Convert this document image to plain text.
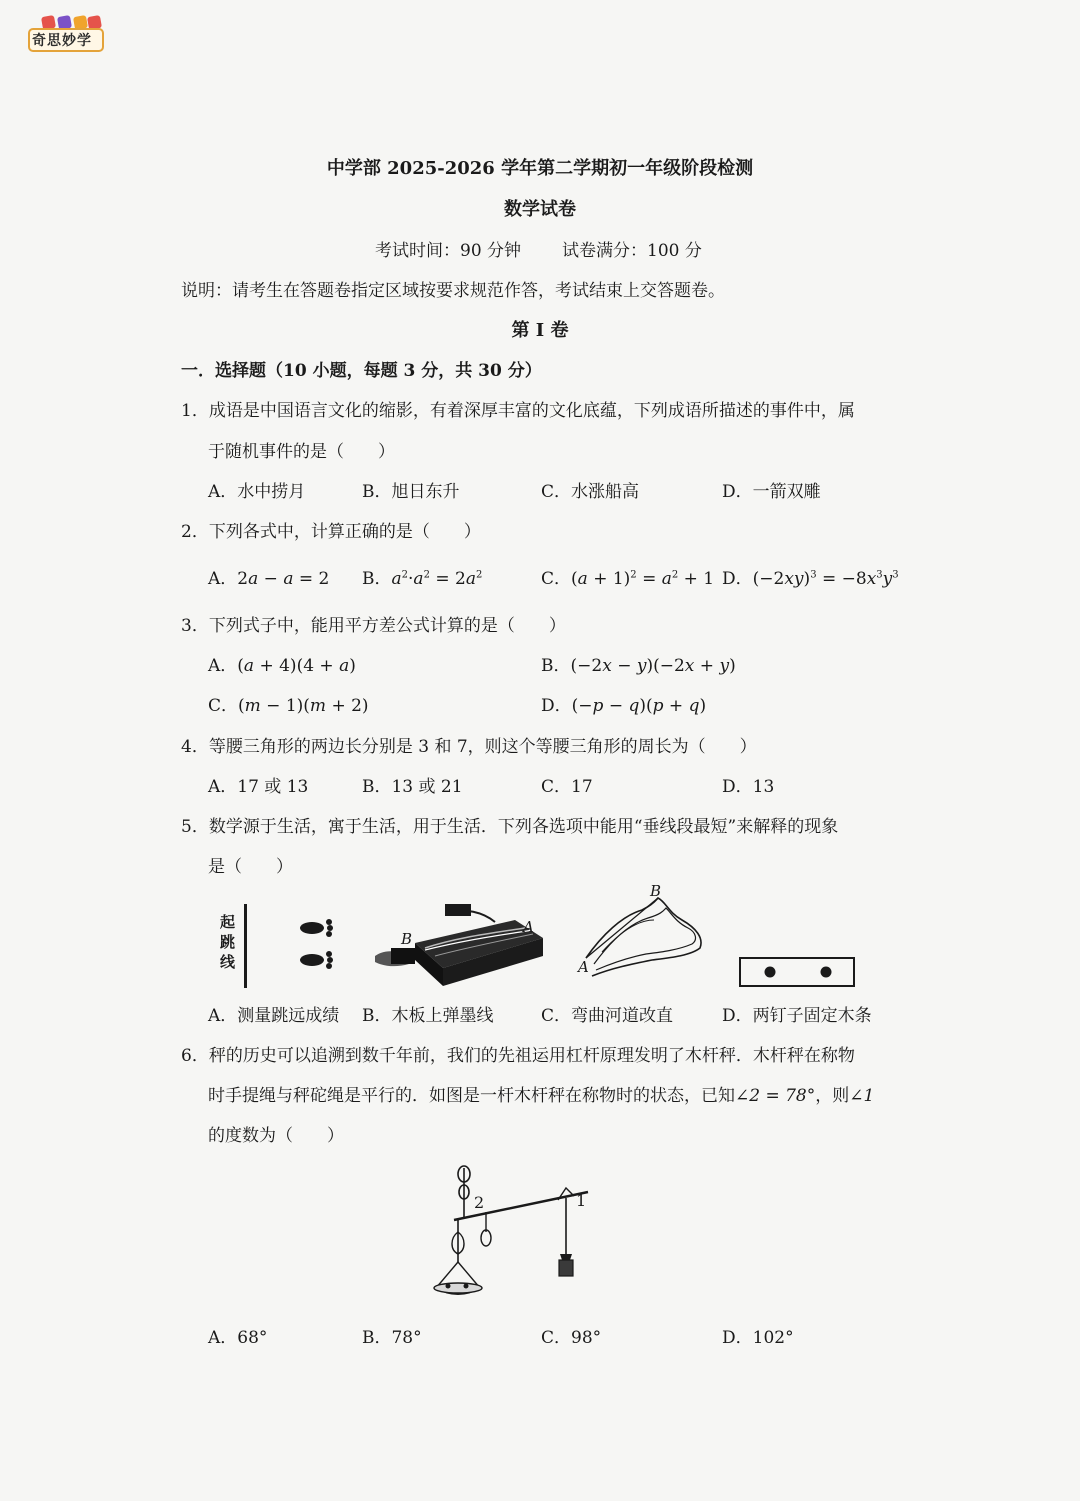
奇思妙学
中学部 2025-2026 学年第二学期初一年级阶段检测
数学试卷
考试时间：90 分钟 试卷满分：100 分
说明：请考生在答题卷指定区域按要求规范作答，考试结束上交答题卷。
第 I 卷
一．选择题（10 小题，每题 3 分，共 30 分）
1．成语是中国语言文化的缩影，有着深厚丰富的文化底蕴，下列成语所描述的事件中，属
于随机事件的是（　　）
A．水中捞月	B．旭日东升	C．水涨船高	D．一箭双雕
2．下列各式中，计算正确的是（　　）
A．2a − a = 2 B．$a^2\cdot a^2 = 2a^2$	C．$(a + 1)^2 = a^2 + 1$ D．$(-2xy)^3 = -8x^3y^3$
3．下列式子中，能用平方差公式计算的是（　　）
A．(a + 4)(4 + a)	B．(−2x − y)(−2x + y)
C．(m − 1)(m + 2)	D．(−p − q)(p + q)
4．等腰三角形的两边长分别是 3 和 7，则这个等腰三角形的周长为（　　）
A．17 或 13	B．13 或 21	C．17	D．13
5．数学源于生活，寓于生活，用于生活．下列各选项中能用“垂线段最短”来解释的现象
是（　　）
起跳线
B
A
B
A
A．测量跳远成绩 B．木板上弹墨线	C．弯曲河道改直	D．两钉子固定木条
6．秤的历史可以追溯到数千年前，我们的先祖运用杠杆原理发明了木杆秤．木杆秤在称物
时手提绳与秤砣绳是平行的．如图是一杆木杆秤在称物时的状态，已知∠2 = 78°，则∠1
的度数为（　　）
2	1
A．68°	B．78°	C．98°	D．102°
